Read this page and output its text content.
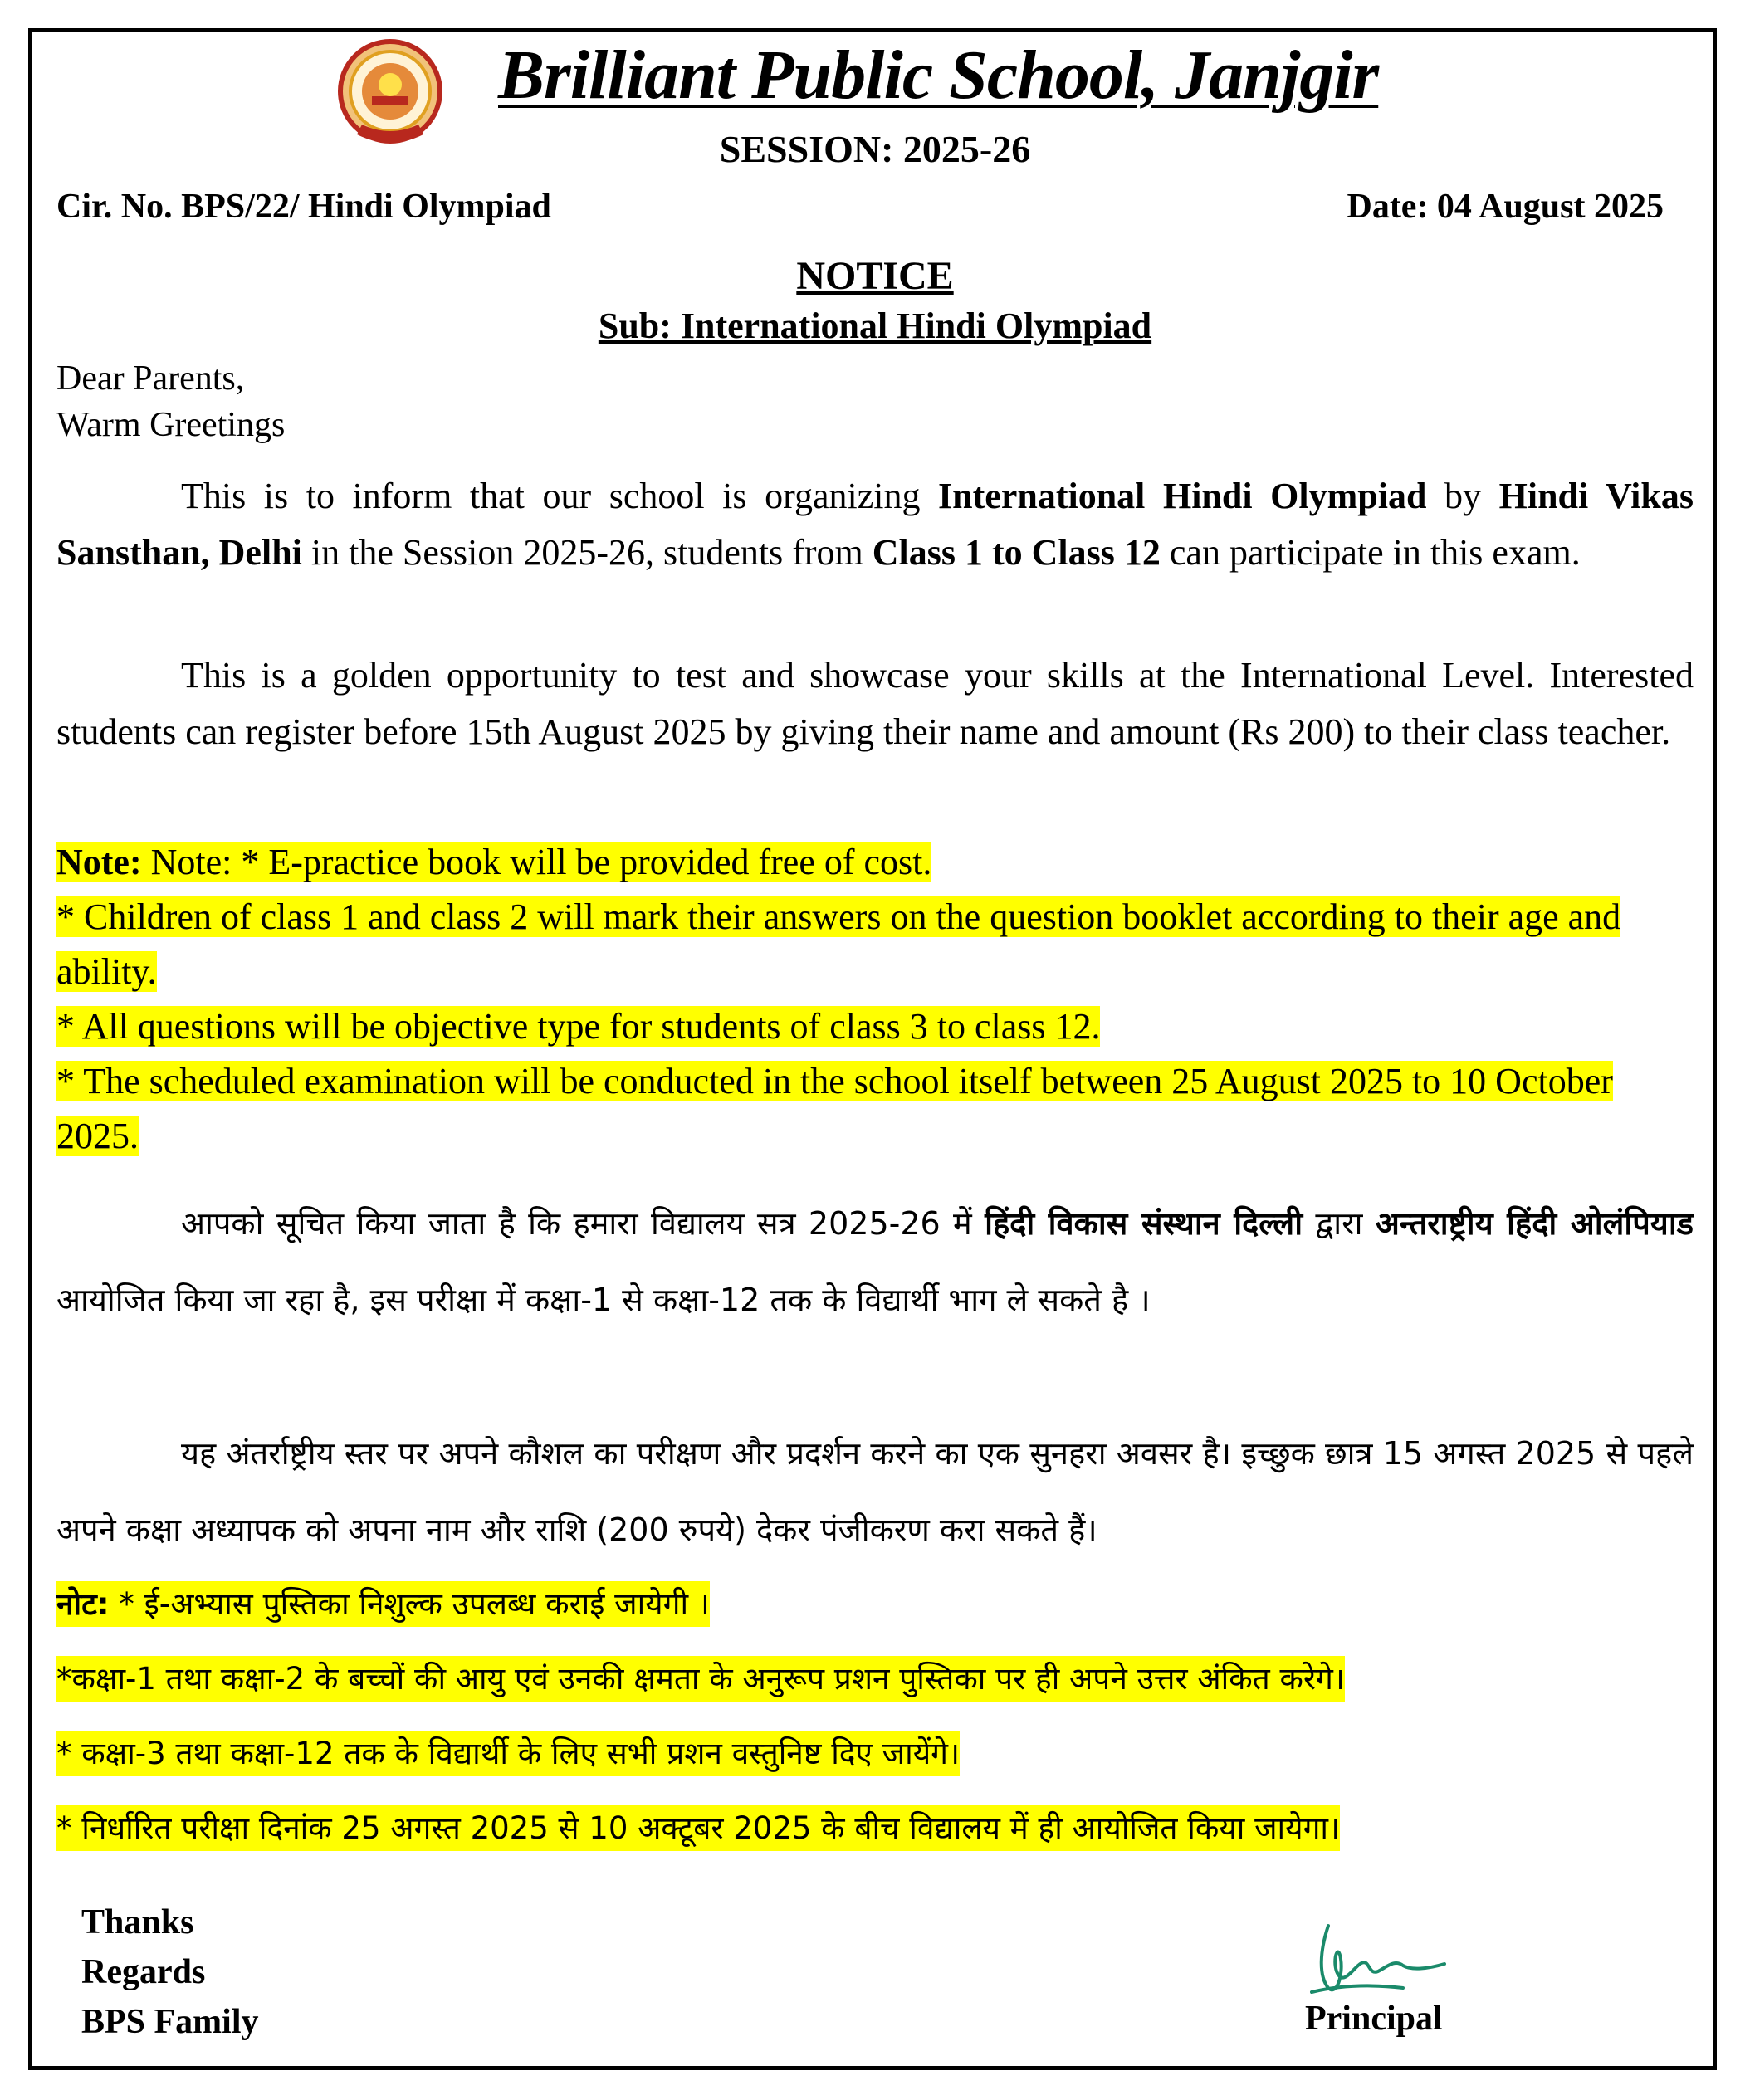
Brilliant Public School, Janjgir
SESSION: 2025-26
Cir. No. BPS/22/ Hindi Olympiad	Date: 04 August 2025
NOTICE
Sub: International Hindi Olympiad
Dear Parents,
Warm Greetings
This is to inform that our school is organizing International Hindi Olympiad by Hindi Vikas Sansthan, Delhi in the Session 2025-26, students from Class 1 to Class 12 can participate in this exam.
This is a golden opportunity to test and showcase your skills at the International Level. Interested students can register before 15th August 2025 by giving their name and amount (Rs 200) to their class teacher.
Note: Note: * E-practice book will be provided free of cost.
* Children of class 1 and class 2 will mark their answers on the question booklet according to their age and ability.
* All questions will be objective type for students of class 3 to class 12.
* The scheduled examination will be conducted in the school itself between 25 August 2025 to 10 October 2025.
आपको सूचित किया जाता है कि हमारा विद्यालय सत्र 2025-26 में हिंदी विकास संस्थान दिल्ली द्वारा अन्तराष्ट्रीय हिंदी ओलंपियाड आयोजित किया जा रहा है, इस परीक्षा में कक्षा-1 से कक्षा-12 तक के विद्यार्थी भाग ले सकते है ।
यह अंतर्राष्ट्रीय स्तर पर अपने कौशल का परीक्षण और प्रदर्शन करने का एक सुनहरा अवसर है। इच्छुक छात्र 15 अगस्त 2025 से पहले अपने कक्षा अध्यापक को अपना नाम और राशि (200 रुपये) देकर पंजीकरण करा सकते हैं।
नोट: * ई-अभ्यास पुस्तिका निशुल्क उपलब्ध कराई जायेगी ।
*कक्षा-1 तथा कक्षा-2 के बच्चों की आयु एवं उनकी क्षमता के अनुरूप प्रशन पुस्तिका पर ही अपने उत्तर अंकित करेगे।
* कक्षा-3 तथा कक्षा-12 तक के विद्यार्थी के लिए सभी प्रशन वस्तुनिष्ट दिए जायेंगे।
* निर्धारित परीक्षा दिनांक 25 अगस्त 2025 से 10 अक्टूबर 2025 के बीच विद्यालय में ही आयोजित किया जायेगा।
Thanks
Regards
BPS Family	Principal
